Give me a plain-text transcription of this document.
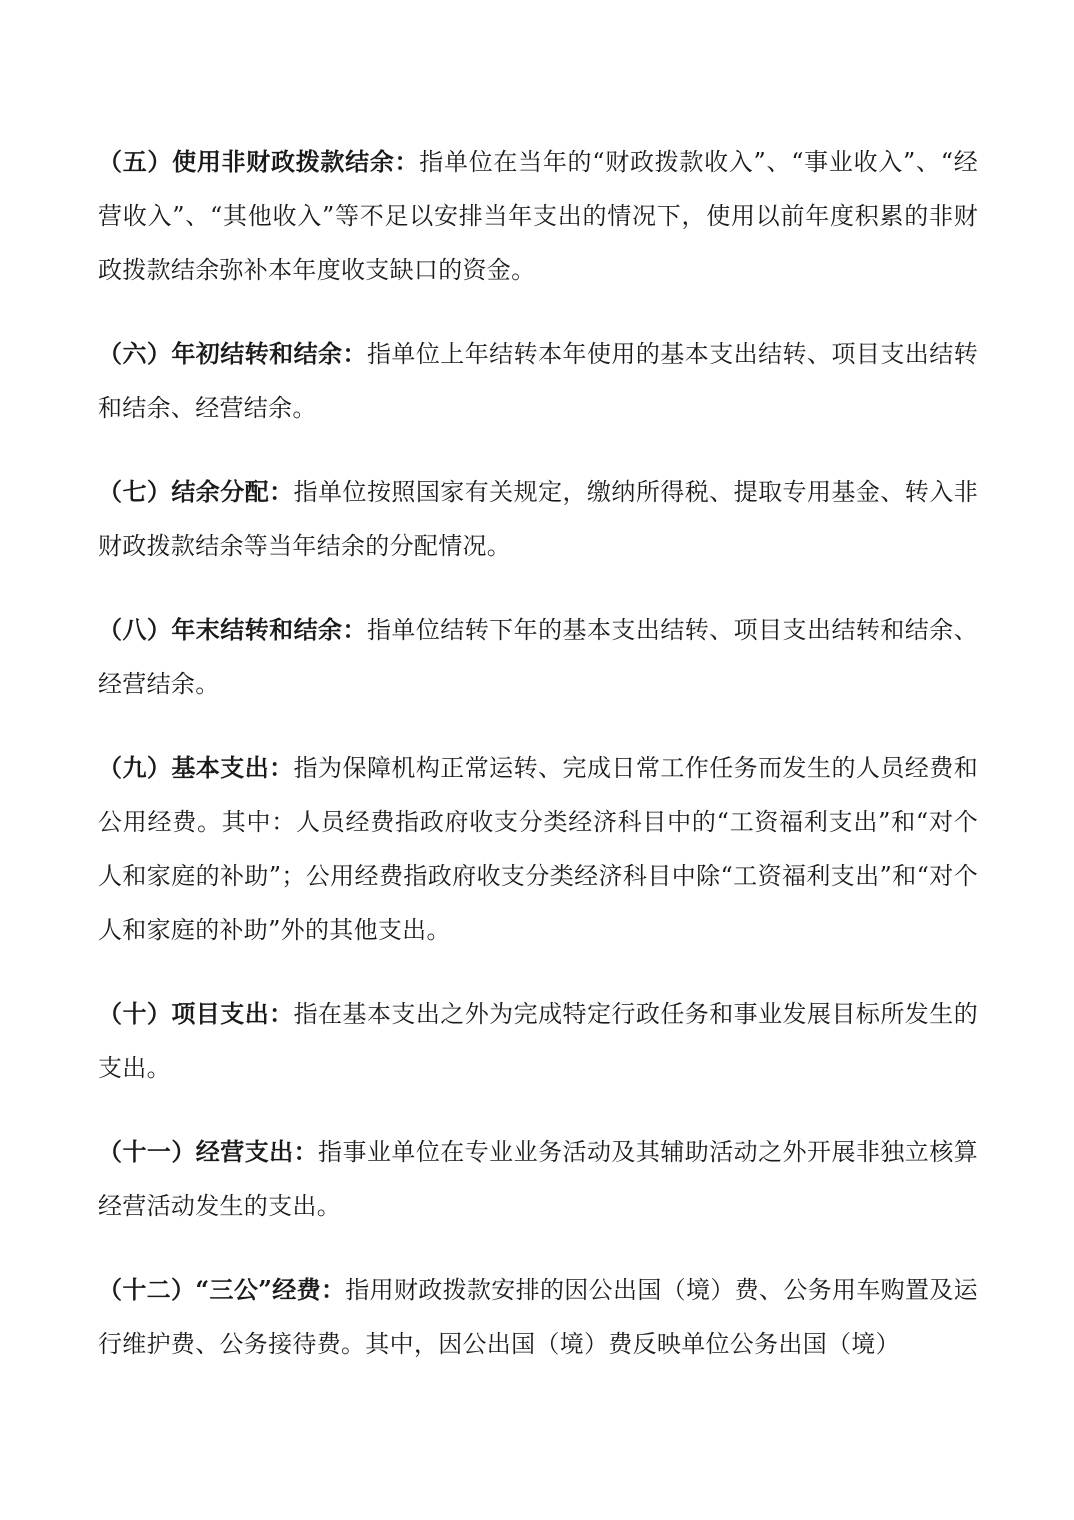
（五）使用非财政拨款结余：指单位在当年的“财政拨款收入”、“事业收入”、“经营收入”、“其他收入”等不足以安排当年支出的情况下，使用以前年度积累的非财政拨款结余弥补本年度收支缺口的资金。

（六）年初结转和结余：指单位上年结转本年使用的基本支出结转、项目支出结转和结余、经营结余。

（七）结余分配：指单位按照国家有关规定，缴纳所得税、提取专用基金、转入非财政拨款结余等当年结余的分配情况。

（八）年末结转和结余：指单位结转下年的基本支出结转、项目支出结转和结余、经营结余。

（九）基本支出：指为保障机构正常运转、完成日常工作任务而发生的人员经费和公用经费。其中：人员经费指政府收支分类经济科目中的“工资福利支出”和“对个人和家庭的补助”；公用经费指政府收支分类经济科目中除“工资福利支出”和“对个人和家庭的补助”外的其他支出。

（十）项目支出：指在基本支出之外为完成特定行政任务和事业发展目标所发生的支出。

（十一）经营支出：指事业单位在专业业务活动及其辅助活动之外开展非独立核算经营活动发生的支出。

（十二）“三公”经费：指用财政拨款安排的因公出国（境）费、公务用车购置及运行维护费、公务接待费。其中，因公出国（境）费反映单位公务出国（境）
